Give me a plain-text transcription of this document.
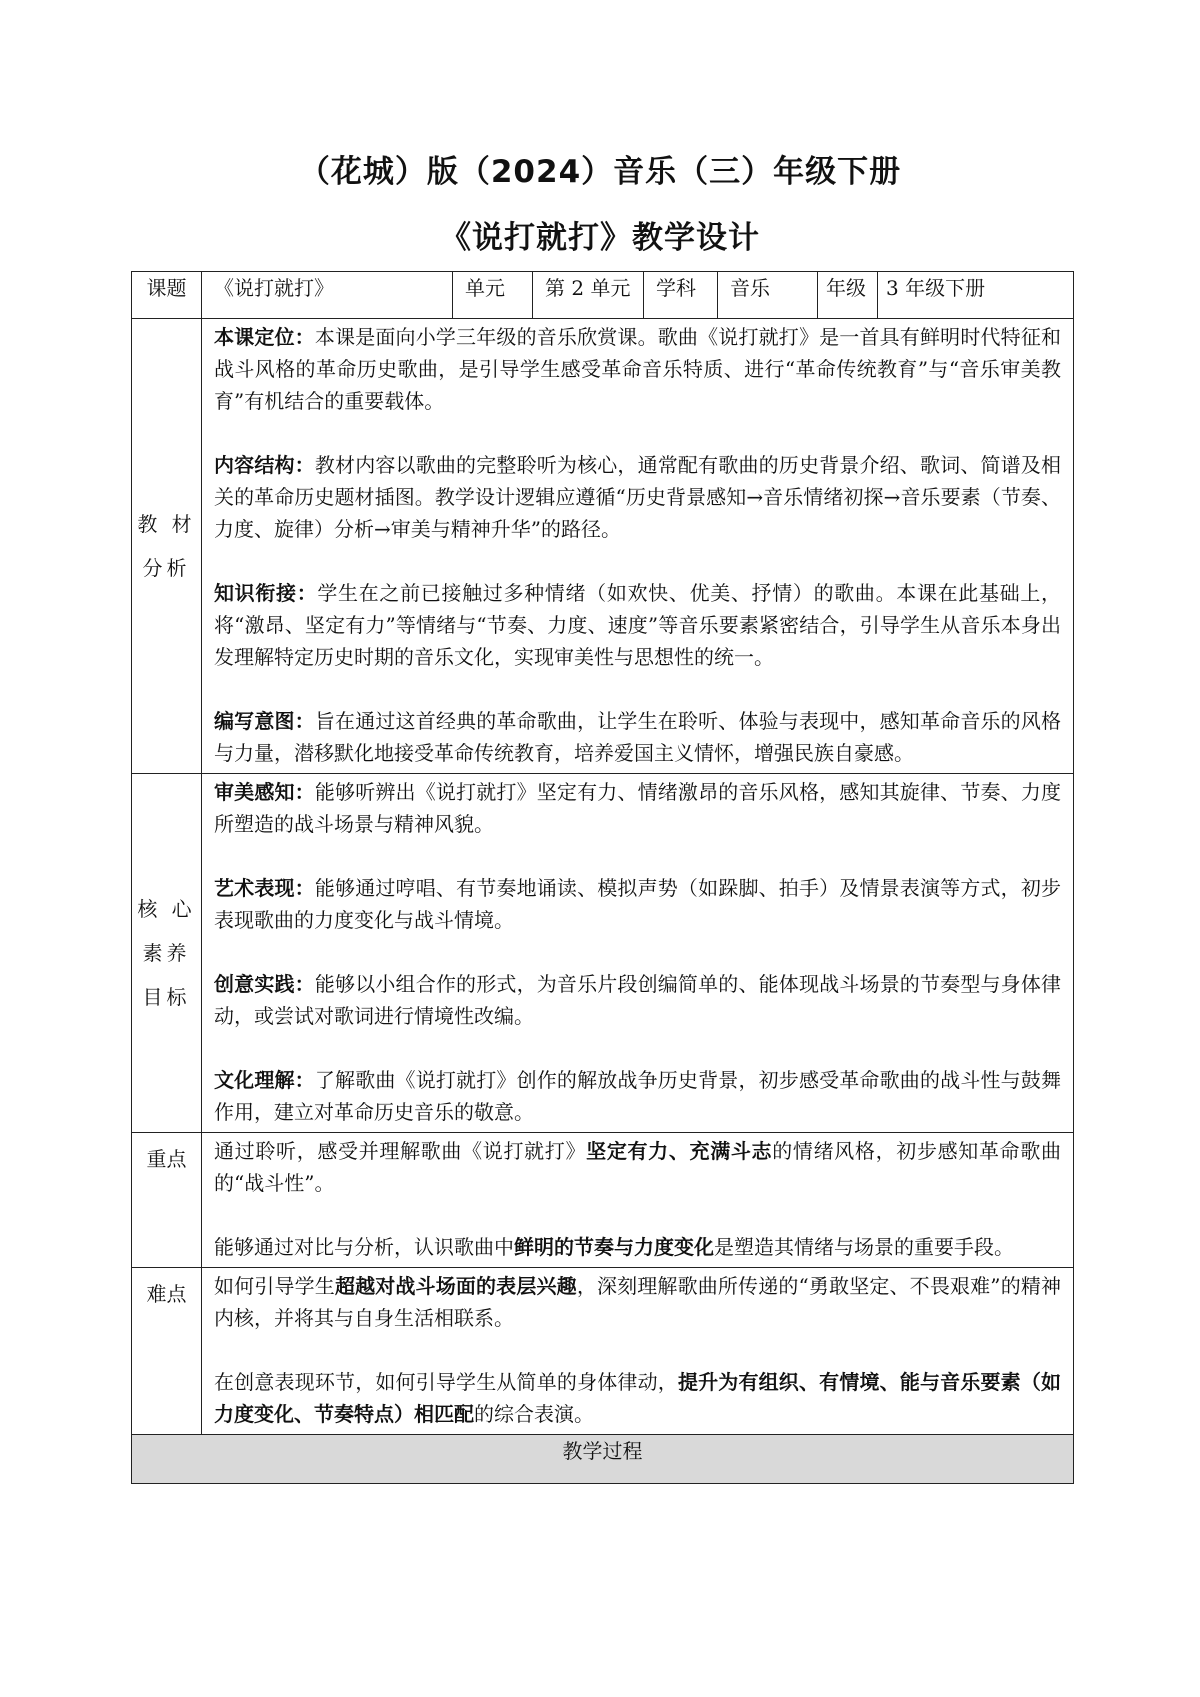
（花城）版（2024）音乐（三）年级下册
《说打就打》教学设计
课题	《说打就打》	单元	第 2 单元	学科	音乐	年级	3 年级下册

教 材 分析	本课定位：本课是面向小学三年级的音乐欣赏课。歌曲《说打就打》是一首具有鲜明时代特征和战斗风格的革命历史歌曲，是引导学生感受革命音乐特质、进行“革命传统教育”与“音乐审美教育”有机结合的重要载体。

内容结构：教材内容以歌曲的完整聆听为核心，通常配有歌曲的历史背景介绍、歌词、简谱及相关的革命历史题材插图。教学设计逻辑应遵循“历史背景感知→音乐情绪初探→音乐要素（节奏、力度、旋律）分析→审美与精神升华”的路径。

知识衔接：学生在之前已接触过多种情绪（如欢快、优美、抒情）的歌曲。本课在此基础上，将“激昂、坚定有力”等情绪与“节奏、力度、速度”等音乐要素紧密结合，引导学生从音乐本身出发理解特定历史时期的音乐文化，实现审美性与思想性的统一。

编写意图：旨在通过这首经典的革命歌曲，让学生在聆听、体验与表现中，感知革命音乐的风格与力量，潜移默化地接受革命传统教育，培养爱国主义情怀，增强民族自豪感。						

核 心 素养目标	审美感知：能够听辨出《说打就打》坚定有力、情绪激昂的音乐风格，感知其旋律、节奏、力度所塑造的战斗场景与精神风貌。

艺术表现：能够通过哼唱、有节奏地诵读、模拟声势（如跺脚、拍手）及情景表演等方式，初步表现歌曲的力度变化与战斗情境。

创意实践：能够以小组合作的形式，为音乐片段创编简单的、能体现战斗场景的节奏型与身体律动，或尝试对歌词进行情境性改编。

文化理解：了解歌曲《说打就打》创作的解放战争历史背景，初步感受革命歌曲的战斗性与鼓舞作用，建立对革命历史音乐的敬意。						

重点	通过聆听，感受并理解歌曲《说打就打》坚定有力、充满斗志的情绪风格，初步感知革命歌曲的“战斗性”。

能够通过对比与分析，认识歌曲中鲜明的节奏与力度变化是塑造其情绪与场景的重要手段。						

难点	如何引导学生超越对战斗场面的表层兴趣，深刻理解歌曲所传递的“勇敢坚定、不畏艰难”的精神内核，并将其与自身生活相联系。

在创意表现环节，如何引导学生从简单的身体律动，提升为有组织、有情境、能与音乐要素（如力度变化、节奏特点）相匹配的综合表演。						

教学过程							
